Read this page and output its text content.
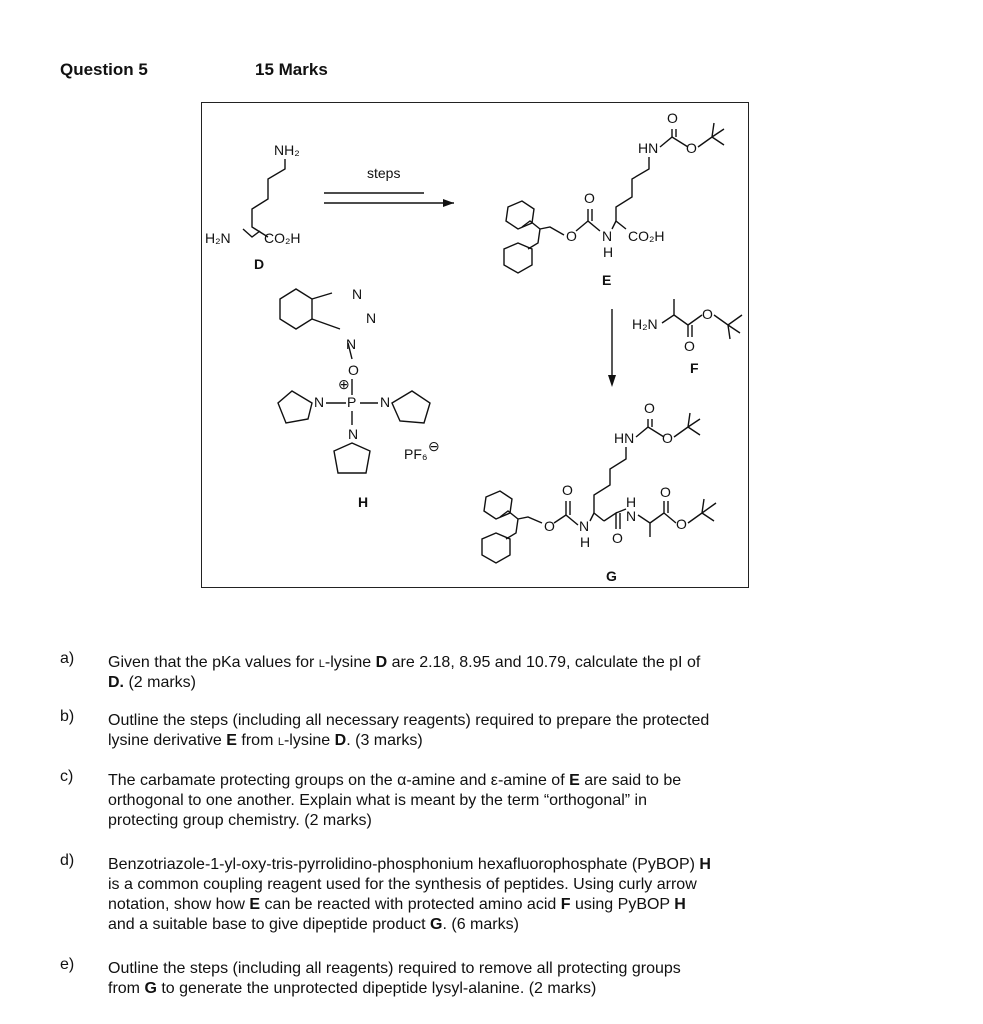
Question 5	15 Marks
NH₂
H₂N CO₂H
D
steps
HN
O
O
CO₂H
N
H
O
O
E
H₂N
O
O
F
N
N
N
O
⊕
P
N	N
N
PF₆ ⊖
H
HN
O
O
N
H O
H
N
O
O
O
O
G
a) Given that the pKa values for l-lysine D are 2.18, 8.95 and 10.79, calculate the pI of
D. (2 marks)
b) Outline the steps (including all necessary reagents) required to prepare the protected
lysine derivative E from l-lysine D. (3 marks)
c) The carbamate protecting groups on the α-amine and ε-amine of E are said to be
orthogonal to one another. Explain what is meant by the term “orthogonal” in
protecting group chemistry. (2 marks)
d) Benzotriazole-1-yl-oxy-tris-pyrrolidino-phosphonium hexafluorophosphate (PyBOP) H
is a common coupling reagent used for the synthesis of peptides. Using curly arrow
notation, show how E can be reacted with protected amino acid F using PyBOP H
and a suitable base to give dipeptide product G. (6 marks)
e) Outline the steps (including all reagents) required to remove all protecting groups
from G to generate the unprotected dipeptide lysyl-alanine. (2 marks)
